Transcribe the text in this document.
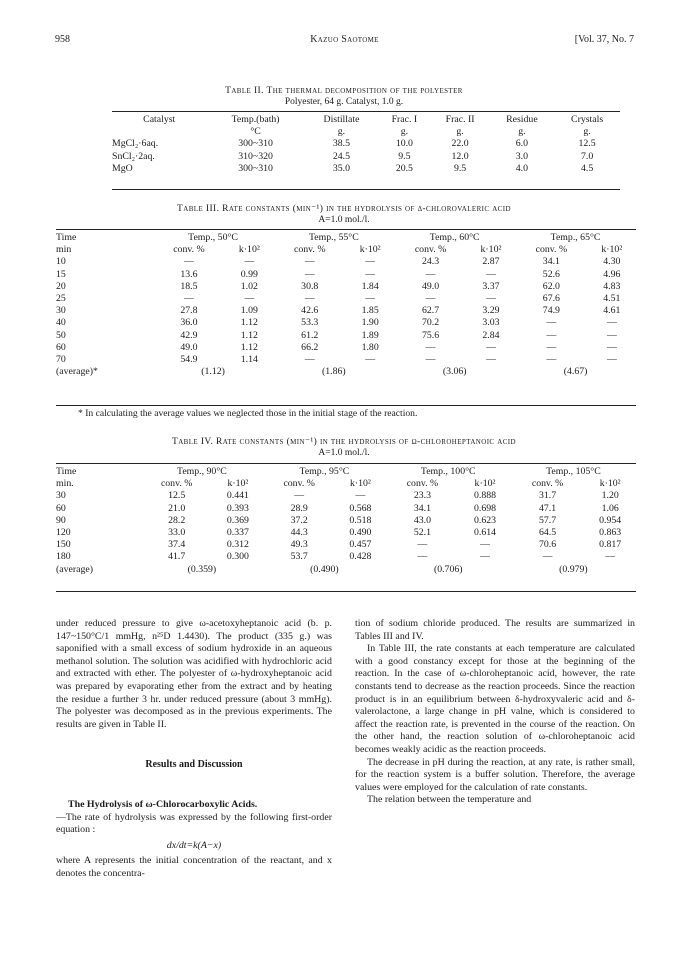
958	Kazuo Saotome	[Vol. 37, No. 7
Table II. The thermal decomposition of the polyester
Polyester, 64 g. Catalyst, 1.0 g.
Catalyst	Temp.(bath)	Distillate	Frac. I	Frac. II	Residue	Crystals
	°C	g.	g.	g.	g.	g.
MgCl₂·6aq.	300~310	38.5	10.0	22.0	6.0	12.5
SnCl₂·2aq.	310~320	24.5	9.5	12.0	3.0	7.0
MgO	300~310	35.0	20.5	9.5	4.0	4.5
Table III. Rate constants (min⁻¹) in the hydrolysis of δ-chlorovaleric acid
A=1.0 mol./l.
Time	Temp., 50°C		Temp., 55°C		Temp., 60°C		Temp., 65°C	
min	conv. %	k·10²	conv. %	k·10²	conv. %	k·10²	conv. %	k·10²
10	—	—	—	—	24.3	2.87	34.1	4.30
15	13.6	0.99	—	—	—	—	52.6	4.96
20	18.5	1.02	30.8	1.84	49.0	3.37	62.0	4.83
25	—	—	—	—	—	—	67.6	4.51
30	27.8	1.09	42.6	1.85	62.7	3.29	74.9	4.61
40	36.0	1.12	53.3	1.90	70.2	3.03	—	—
50	42.9	1.12	61.2	1.89	75.6	2.84	—	—
60	49.0	1.12	66.2	1.80	—	—	—	—
70	54.9	1.14	—	—	—	—	—	—
(average)*	(1.12)		(1.86)		(3.06)		(4.67)	
* In calculating the average values we neglected those in the initial stage of the reaction.
Table IV. Rate constants (min⁻¹) in the hydrolysis of ω-chloroheptanoic acid
A=1.0 mol./l.
Time	Temp., 90°C		Temp., 95°C		Temp., 100°C		Temp., 105°C	
min.	conv. %	k·10²	conv. %	k·10²	conv. %	k·10²	conv. %	k·10²
30	12.5	0.441	—	—	23.3	0.888	31.7	1.20
60	21.0	0.393	28.9	0.568	34.1	0.698	47.1	1.06
90	28.2	0.369	37.2	0.518	43.0	0.623	57.7	0.954
120	33.0	0.337	44.3	0.490	52.1	0.614	64.5	0.863
150	37.4	0.312	49.3	0.457	—	—	70.6	0.817
180	41.7	0.300	53.7	0.428	—	—	—	—
(average)	(0.359)		(0.490)		(0.706)		(0.979)	

under reduced pressure to give ω-acetoxyheptanoic acid (b. p. 147~150°C/1 mmHg, n²⁵D 1.4430). The product (335 g.) was saponified with a small excess of sodium hydroxide in an aqueous methanol solution. The solution was acidified with hydrochloric acid and extracted with ether. The polyester of ω-hydroxyheptanoic acid was prepared by evaporating ether from the extract and by heating the residue a further 3 hr. under reduced pressure (about 3 mmHg). The polyester was decomposed as in the previous experiments. The results are given in Table II.

Results and Discussion

The Hydrolysis of ω-Chlorocarboxylic Acids.

—The rate of hydrolysis was expressed by the following first-order equation :

dx/dt=k(A−x)

where A represents the initial concentration of the reactant, and x denotes the concentra-

tion of sodium chloride produced. The results are summarized in Tables III and IV.

In Table III, the rate constants at each temperature are calculated with a good constancy except for those at the beginning of the reaction. In the case of ω-chloroheptanoic acid, however, the rate constants tend to decrease as the reaction proceeds. Since the reaction product is in an equilibrium between δ-hydroxyvaleric acid and δ-valerolactone, a large change in pH valne, which is considered to affect the reaction rate, is prevented in the course of the reaction. On the other hand, the reaction solution of ω-chloroheptanoic acid becomes weakly acidic as the reaction proceeds.

The decrease in pH during the reaction, at any rate, is rather small, for the reaction system is a buffer solution. Therefore, the average values were employed for the calculation of rate constants.

The relation between the temperature and
